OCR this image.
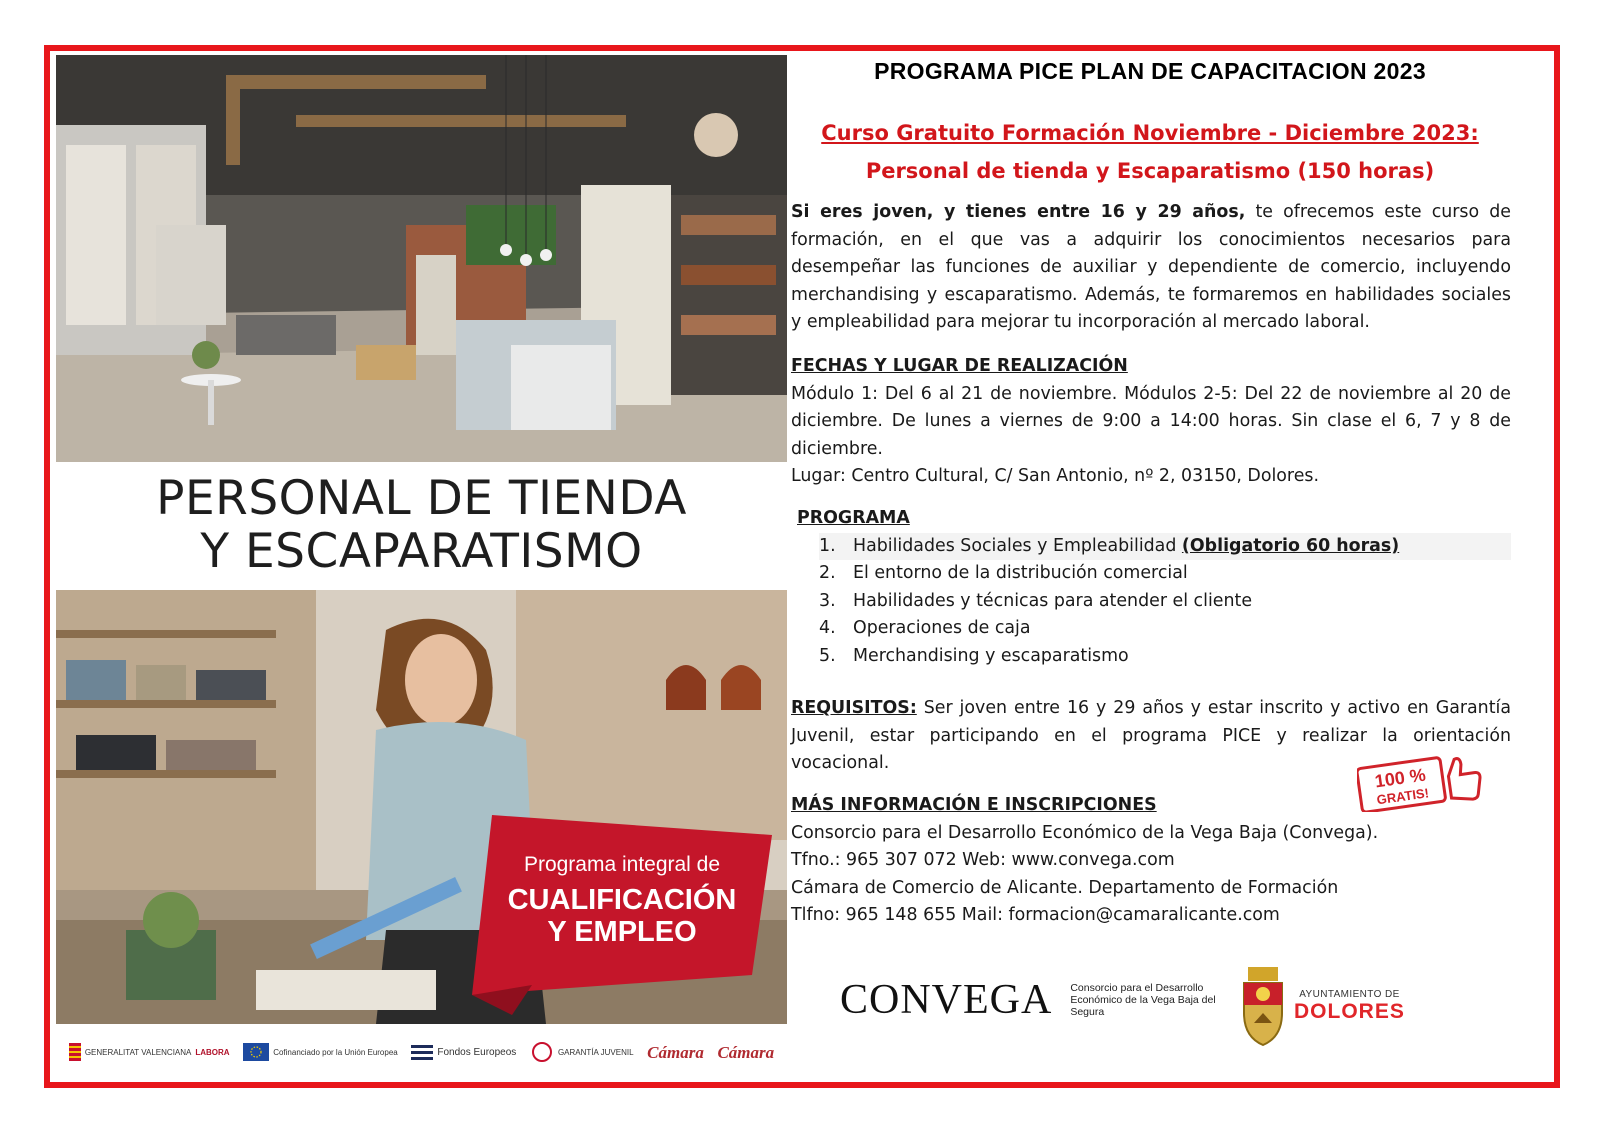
PERSONAL DE TIENDA
Y ESCAPARATISMO
Programa integral de
CUALIFICACIÓN
Y EMPLEO
GENERALITAT VALENCIANA LABORA	Cofinanciado por la Unión Europea	Fondos Europeos	GARANTÍA JUVENIL Cámara Cámara
PROGRAMA PICE PLAN DE CAPACITACION 2023
Curso Gratuito Formación Noviembre - Diciembre 2023:
Personal de tienda y Escaparatismo (150 horas)
Si eres joven, y tienes entre 16 y 29 años, te ofrecemos este curso de formación, en el que vas a adquirir los conocimientos necesarios para desempeñar las funciones de auxiliar y dependiente de comercio, incluyendo merchandising y escaparatismo. Además, te formaremos en habilidades sociales y empleabilidad para mejorar tu incorporación al mercado laboral.
FECHAS Y LUGAR DE REALIZACIÓN
Módulo 1: Del 6 al 21 de noviembre. Módulos 2-5: Del 22 de noviembre al 20 de diciembre. De lunes a viernes de 9:00 a 14:00 horas. Sin clase el 6, 7 y 8 de diciembre.
Lugar: Centro Cultural, C/ San Antonio, nº 2, 03150, Dolores.
PROGRAMA
1.	Habilidades Sociales y Empleabilidad (Obligatorio 60 horas)
2.	El entorno de la distribución comercial
3.	Habilidades y técnicas para atender el cliente
4.	Operaciones de caja
5.	Merchandising y escaparatismo
REQUISITOS: Ser joven entre 16 y 29 años y estar inscrito y activo en Garantía Juvenil, estar participando en el programa PICE y realizar la orientación vocacional.
100 %
GRATIS!
MÁS INFORMACIÓN E INSCRIPCIONES
Consorcio para el Desarrollo Económico de la Vega Baja (Convega).
Tfno.: 965 307 072 Web: www.convega.com
Cámara de Comercio de Alicante. Departamento de Formación
Tlfno: 965 148 655 Mail: formacion@camaralicante.com
CONVEGA Consorcio para el Desarrollo Económico de la Vega Baja del Segura
AYUNTAMIENTO DE
DOLORES
